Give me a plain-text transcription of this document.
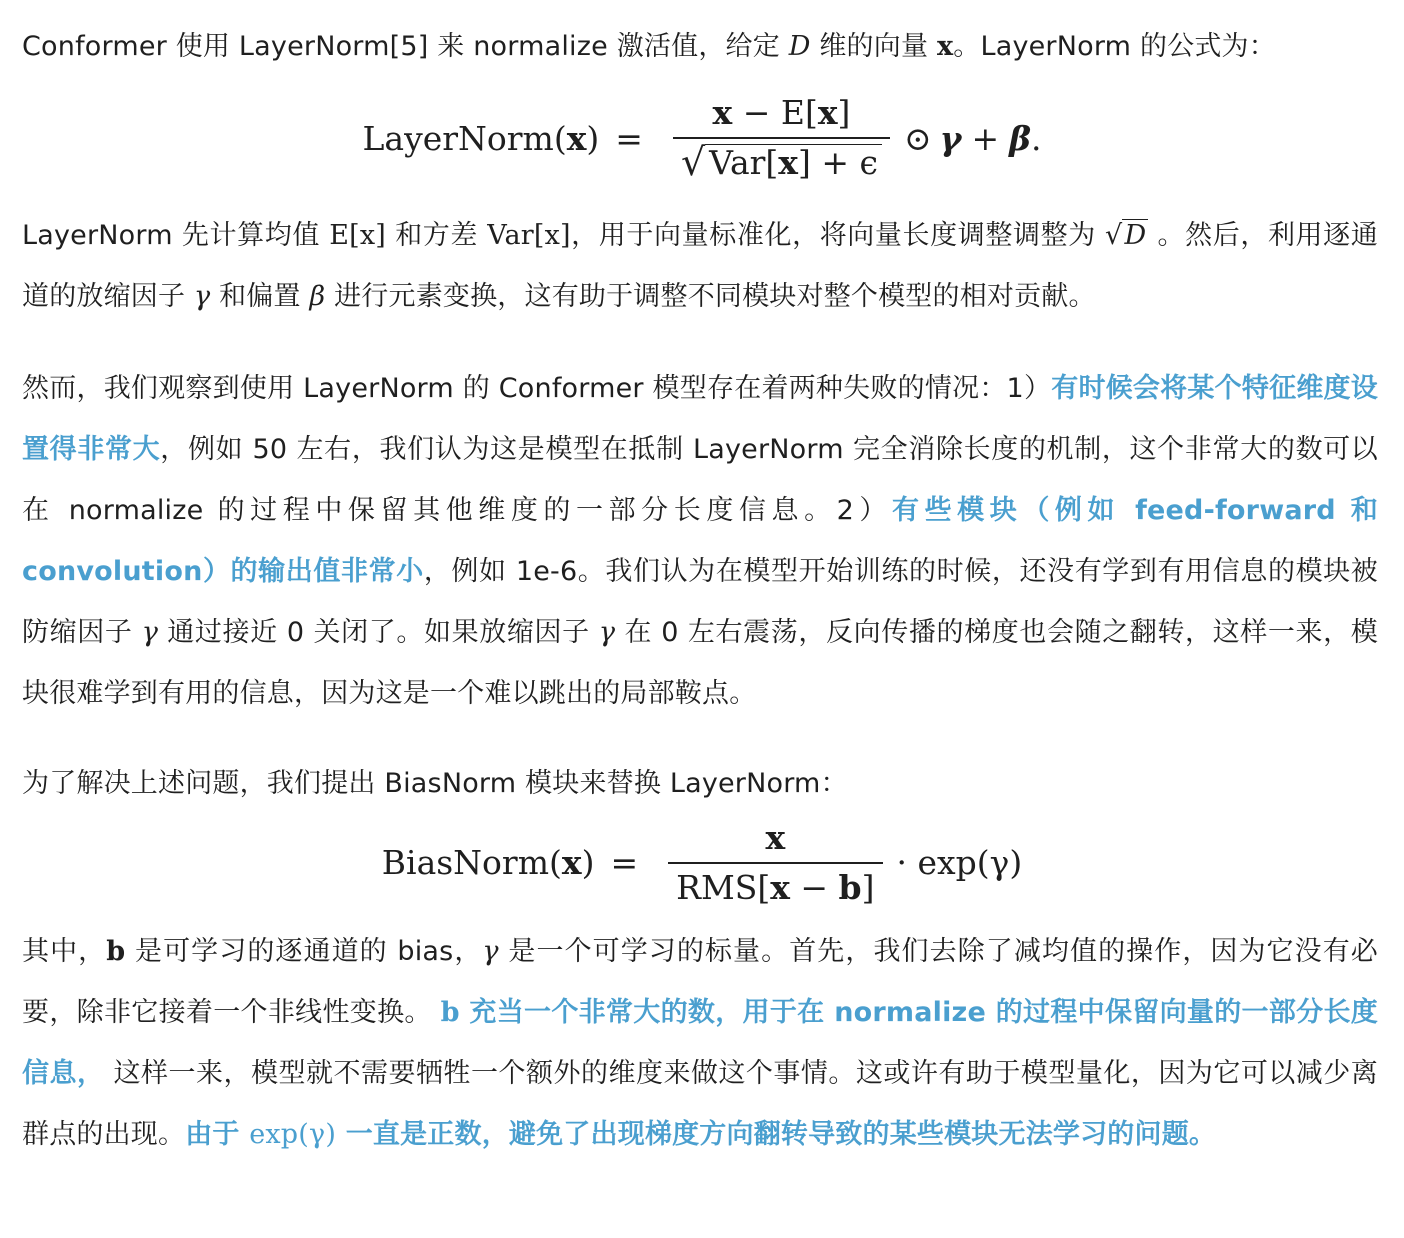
Conformer 使用 LayerNorm[5] 来 normalize 激活值，给定 D 维的向量 x。LayerNorm 的公式为：
LayerNorm(x) = $\frac{x - E[x]}{\text{√ Var[x] + ϵ}}$ ⊙ γ + β .
LayerNorm 先计算均值 E[x] 和方差 Var[x]，用于向量标准化，将向量长度调整调整为 √D 。然后，利用逐通道的放缩因子 γ 和偏置 β 进行元素变换，这有助于调整不同模块对整个模型的相对贡献。
然而，我们观察到使用 LayerNorm 的 Conformer 模型存在着两种失败的情况：1）有时候会将某个特征维度设置得非常大，例如 50 左右，我们认为这是模型在抵制 LayerNorm 完全消除长度的机制，这个非常大的数可以在 normalize 的过程中保留其他维度的一部分长度信息。2）有些模块（例如 feed-forward 和 convolution）的输出值非常小，例如 1e-6。我们认为在模型开始训练的时候，还没有学到有用信息的模块被防缩因子 γ 通过接近 0 关闭了。如果放缩因子 γ 在 0 左右震荡，反向传播的梯度也会随之翻转，这样一来，模块很难学到有用的信息，因为这是一个难以跳出的局部鞍点。
为了解决上述问题，我们提出 BiasNorm 模块来替换 LayerNorm：
BiasNorm(x) = $\frac{x}{\text{RMS[x − b]}} \cdot \exp(\gamma)$
其中，b 是可学习的逐通道的 bias，γ 是一个可学习的标量。首先，我们去除了减均值的操作，因为它没有必要，除非它接着一个非线性变换。 b 充当一个非常大的数，用于在 normalize 的过程中保留向量的一部分长度信息， 这样一来，模型就不需要牺牲一个额外的维度来做这个事情。这或许有助于模型量化，因为它可以减少离群点的出现。由于 exp(γ) 一直是正数，避免了出现梯度方向翻转导致的某些模块无法学习的问题。
